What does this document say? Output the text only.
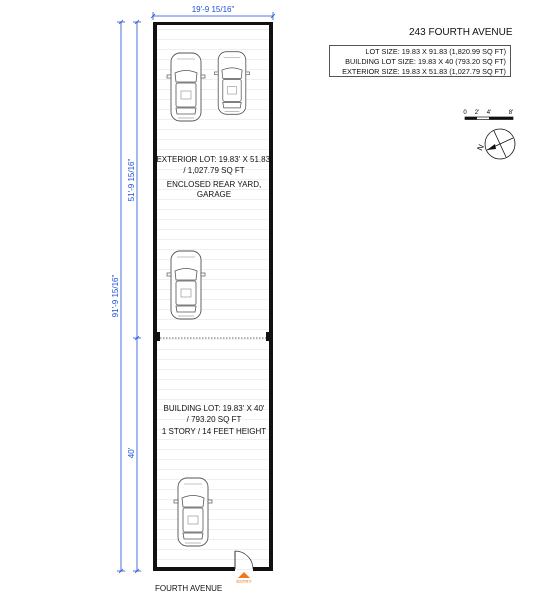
ENTRY
EXTERIOR LOT: 19.83' X 51.83'
/ 1,027.79 SQ FT
ENCLOSED REAR YARD,
GARAGE
BUILDING LOT: 19.83' X 40'
/ 793.20 SQ FT
1 STORY / 14 FEET HEIGHT
19'-9 15/16"
91'-9 15/16"
51'-9 15/16"
40'
FOURTH AVENUE
0 2' 4'	8'
N
243 FOURTH AVENUE
LOT SIZE: 19.83 X 91.83 (1,820.99 SQ FT)
BUILDING LOT SIZE: 19.83 X 40 (793.20 SQ FT)
EXTERIOR SIZE: 19.83 X 51.83 (1,027.79 SQ FT)
